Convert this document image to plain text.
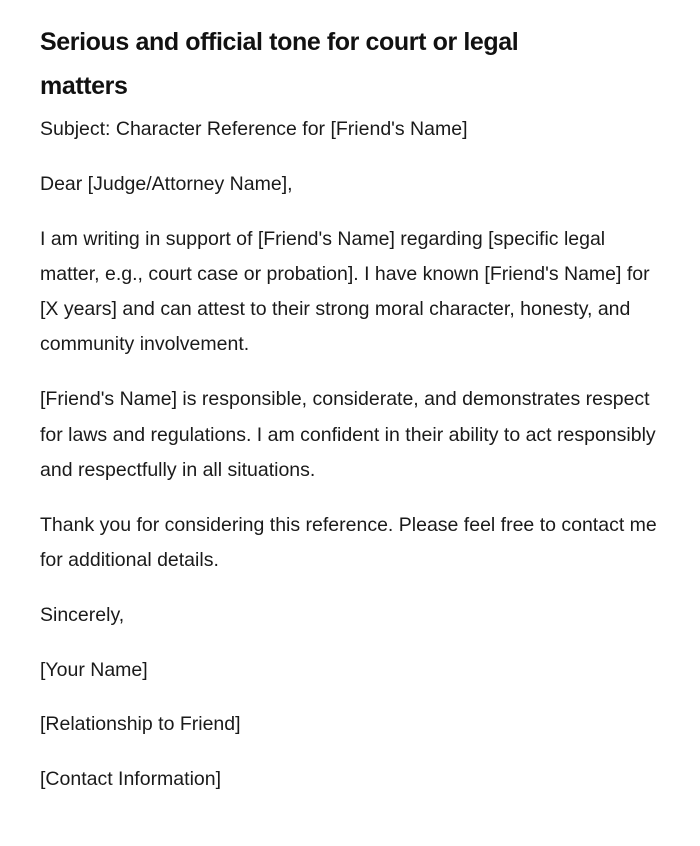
Serious and official tone for court or legal matters

Subject: Character Reference for [Friend's Name]

Dear [Judge/Attorney Name],

I am writing in support of [Friend's Name] regarding [specific legal matter, e.g., court case or probation]. I have known [Friend's Name] for [X years] and can attest to their strong moral character, honesty, and community involvement.

[Friend's Name] is responsible, considerate, and demonstrates respect for laws and regulations. I am confident in their ability to act responsibly and respectfully in all situations.

Thank you for considering this reference. Please feel free to contact me for additional details.

Sincerely,

[Your Name]

[Relationship to Friend]

[Contact Information]
